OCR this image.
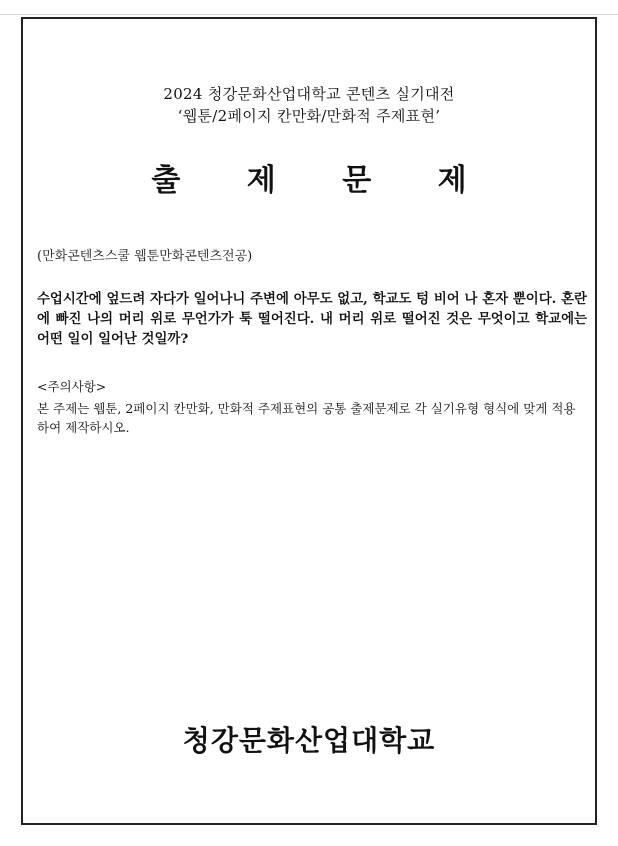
2024 청강문화산업대학교 콘텐츠 실기대전
‘웹툰/2페이지 칸만화/만화적 주제표현’
출 제 문 제
(만화콘텐츠스쿨 웹툰만화콘텐츠전공)
수업시간에 엎드려 자다가 일어나니 주변에 아무도 없고, 학교도 텅 비어 나 혼자 뿐이다. 혼란에 빠진 나의 머리 위로 무언가가 툭 떨어진다. 내 머리 위로 떨어진 것은 무엇이고 학교에는 어떤 일이 일어난 것일까?
<주의사항>
본 주제는 웹툰, 2페이지 칸만화, 만화적 주제표현의 공통 출제문제로 각 실기유형 형식에 맞게 적용하여 제작하시오.
청강문화산업대학교
